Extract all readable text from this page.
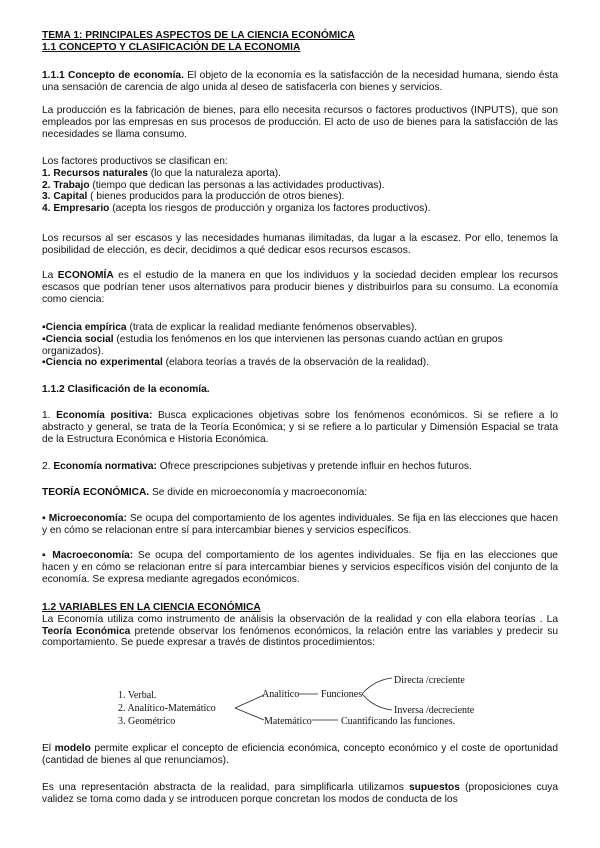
TEMA 1: PRINCIPALES ASPECTOS DE LA CIENCIA ECONÓMICA

1.1 CONCEPTO Y CLASIFICACIÓN DE LA ECONOMIA

1.1.1 Concepto de economía. El objeto de la economía es la satisfacción de la necesidad humana, siendo ésta una sensación de carencia de algo unida al deseo de satisfacerla con bienes y servicios.

La producción es la fabricación de bienes, para ello necesita recursos o factores productivos (INPUTS), que son empleados por las empresas en sus procesos de producción. El acto de uso de bienes para la satisfacción de las necesidades se llama consumo.

Los factores productivos se clasifican en:

1. Recursos naturales (lo que la naturaleza aporta).

2. Trabajo (tiempo que dedican las personas a las actividades productivas).

3. Capital ( bienes producidos para la producción de otros bienes).

4. Empresario (acepta los riesgos de producción y organiza los factores productivos).

Los recursos al ser escasos y las necesidades humanas ilimitadas, da lugar a la escasez. Por ello, tenemos la posibilidad de elección, es decir, decidimos a qué dedicar esos recursos escasos.

La ECONOMÍA es el estudio de la manera en que los individuos y la sociedad deciden emplear los recursos escasos que podrían tener usos alternativos para producir bienes y distribuirlos para su consumo. La economía como ciencia:

▪Ciencia empírica (trata de explicar la realidad mediante fenómenos observables).

▪Ciencia social (estudia los fenómenos en los que intervienen las personas cuando actúan en grupos organizados).

▪Ciencia no experimental (elabora teorías a través de la observación de la realidad).

1.1.2 Clasificación de la economía.

1. Economía positiva: Busca explicaciones objetivas sobre los fenómenos económicos. Si se refiere a lo abstracto y general, se trata de la Teoría Económica; y si se refiere a lo particular y Dimensión Espacial se trata de la Estructura Económica e Historia Económica.

2. Economía normativa: Ofrece prescripciones subjetivas y pretende influir en hechos futuros.

TEORÍA ECONÓMICA. Se divide en microeconomía y macroeconomía:

▪ Microeconomía: Se ocupa del comportamiento de los agentes individuales. Se fija en las elecciones que hacen y en cómo se relacionan entre sí para intercambiar bienes y servicios específicos.

▪ Macroeconomía: Se ocupa del comportamiento de los agentes individuales. Se fija en las elecciones que hacen y en cómo se relacionan entre sí para intercambiar bienes y servicios específicos visión del conjunto de la economía. Se expresa mediante agregados económicos.

1.2 VARIABLES EN LA CIENCIA ECONÓMICA

La Economía utiliza como instrumento de análisis la observación de la realidad y con ella elabora teorías . La Teoría Económica pretende observar los fenómenos económicos, la relación entre las variables y predecir su comportamiento. Se puede expresar a través de distintos procedimientos:

1. Verbal.
2. Analítico-Matemático
3. Geométrico
Analítico Funciones
Directa /creciente
Inversa /decreciente
Matemático	Cuantificando las funciones.

El modelo permite explicar el concepto de eficiencia económica, concepto económico y el coste de oportunidad (cantidad de bienes al que renunciamos).

Es una representación abstracta de la realidad, para simplificarla utilizamos supuestos (proposiciones cuya validez se toma como dada y se introducen porque concretan los modos de conducta de los
